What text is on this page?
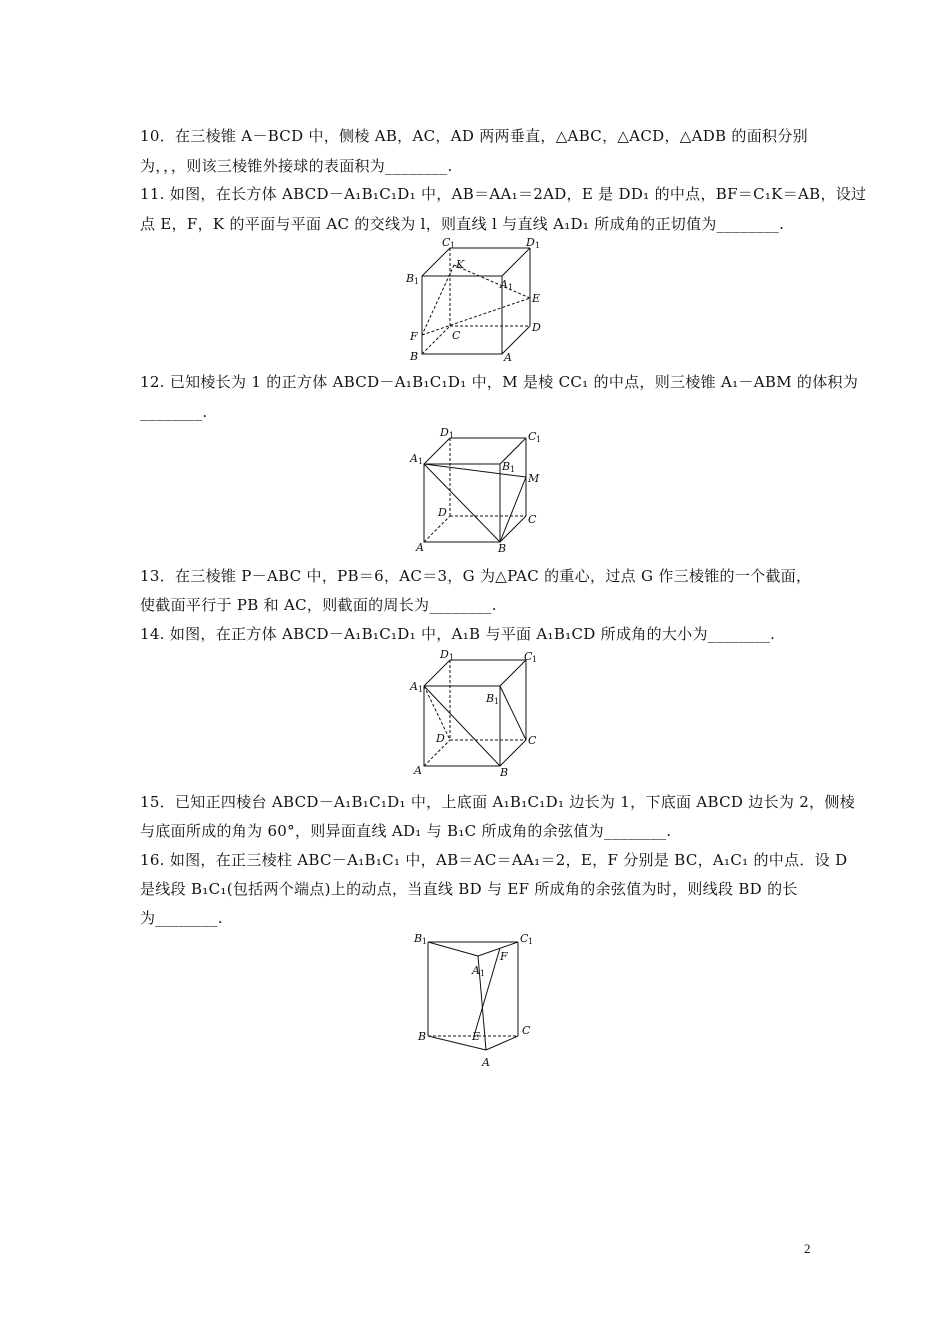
10．在三棱锥 A－BCD 中，侧棱 AB，AC，AD 两两垂直，△ABC，△ACD，△ADB 的面积分别
为，，，则该三棱锥外接球的表面积为________.
11. 如图，在长方体 ABCD－A₁B₁C₁D₁ 中，AB＝AA₁＝2AD，E 是 DD₁ 的中点，BF＝C₁K＝AB，设过
点 E，F，K 的平面与平面 AC 的交线为 l，则直线 l 与直线 A₁D₁ 所成角的正切值为________.
C 1	D 1
B 1
K
A 1
E
F	C
D
B	A
12. 已知棱长为 1 的正方体 ABCD－A₁B₁C₁D₁ 中，M 是棱 CC₁ 的中点，则三棱锥 A₁－ABM 的体积为
________.
D 1	C 1
A 1	B 1
M
D
C
A	B
13．在三棱锥 P－ABC 中，PB＝6，AC＝3，G 为△PAC 的重心，过点 G 作三棱锥的一个截面，
使截面平行于 PB 和 AC，则截面的周长为________.
14. 如图，在正方体 ABCD－A₁B₁C₁D₁ 中，A₁B 与平面 A₁B₁CD 所成角的大小为________.
D 1	C 1
A 1
B 1
D	C
A	B
15．已知正四棱台 ABCD－A₁B₁C₁D₁ 中，上底面 A₁B₁C₁D₁ 边长为 1，下底面 ABCD 边长为 2，侧棱
与底面所成的角为 60°，则异面直线 AD₁ 与 B₁C 所成角的余弦值为________.
16. 如图，在正三棱柱 ABC－A₁B₁C₁ 中，AB＝AC＝AA₁＝2，E，F 分别是 BC，A₁C₁ 的中点．设 D
是线段 B₁C₁(包括两个端点)上的动点，当直线 BD 与 EF 所成角的余弦值为时，则线段 BD 的长
为________.
B 1	C 1
F
A 1
B	C
E
A
2
